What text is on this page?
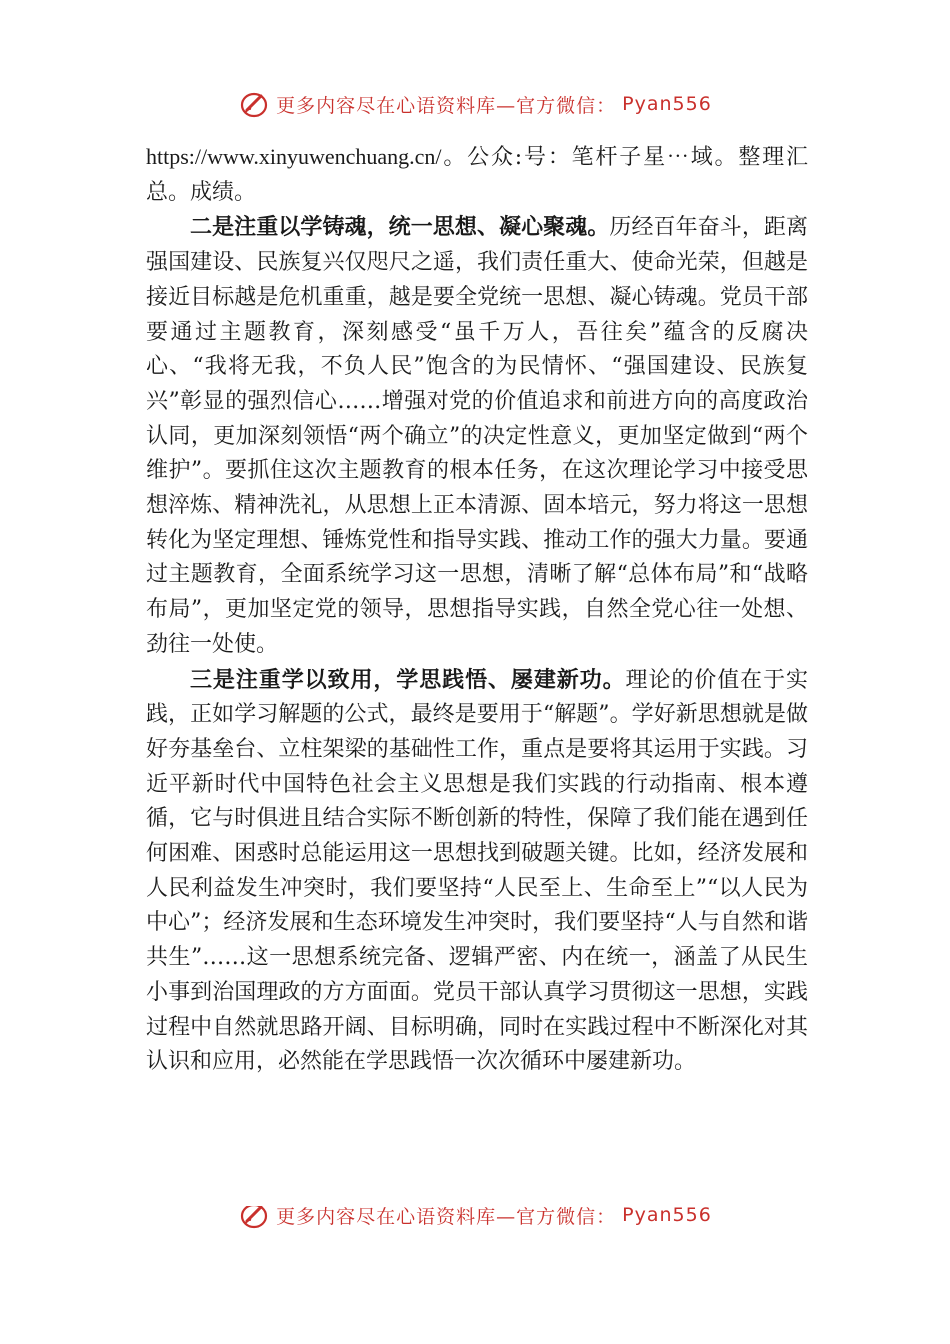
更多内容尽在心语资料库—官方微信： Pyan556

https://www.xinyuwenchuang.cn/。公众:号：笔杆子星⋯域。整理汇总。成绩。

二是注重以学铸魂，统一思想、凝心聚魂。历经百年奋斗，距离强国建设、民族复兴仅咫尺之遥，我们责任重大、使命光荣，但越是接近目标越是危机重重，越是要全党统一思想、凝心铸魂。党员干部要通过主题教育，深刻感受“虽千万人，吾往矣”蕴含的反腐决心、“我将无我，不负人民”饱含的为民情怀、“强国建设、民族复兴”彰显的强烈信心……增强对党的价值追求和前进方向的高度政治认同，更加深刻领悟“两个确立”的决定性意义，更加坚定做到“两个维护”。要抓住这次主题教育的根本任务，在这次理论学习中接受思想淬炼、精神洗礼，从思想上正本清源、固本培元，努力将这一思想转化为坚定理想、锤炼党性和指导实践、推动工作的强大力量。要通过主题教育，全面系统学习这一思想，清晰了解“总体布局”和“战略布局”，更加坚定党的领导，思想指导实践，自然全党心往一处想、劲往一处使。

三是注重学以致用，学思践悟、屡建新功。理论的价值在于实践，正如学习解题的公式，最终是要用于“解题”。学好新思想就是做好夯基垒台、立柱架梁的基础性工作，重点是要将其运用于实践。习近平新时代中国特色社会主义思想是我们实践的行动指南、根本遵循，它与时俱进且结合实际不断创新的特性，保障了我们能在遇到任何困难、困惑时总能运用这一思想找到破题关键。比如，经济发展和人民利益发生冲突时，我们要坚持“人民至上、生命至上”“以人民为中心”；经济发展和生态环境发生冲突时，我们要坚持“人与自然和谐共生”……这一思想系统完备、逻辑严密、内在统一，涵盖了从民生小事到治国理政的方方面面。党员干部认真学习贯彻这一思想，实践过程中自然就思路开阔、目标明确，同时在实践过程中不断深化对其认识和应用，必然能在学思践悟一次次循环中屡建新功。

更多内容尽在心语资料库—官方微信： Pyan556
